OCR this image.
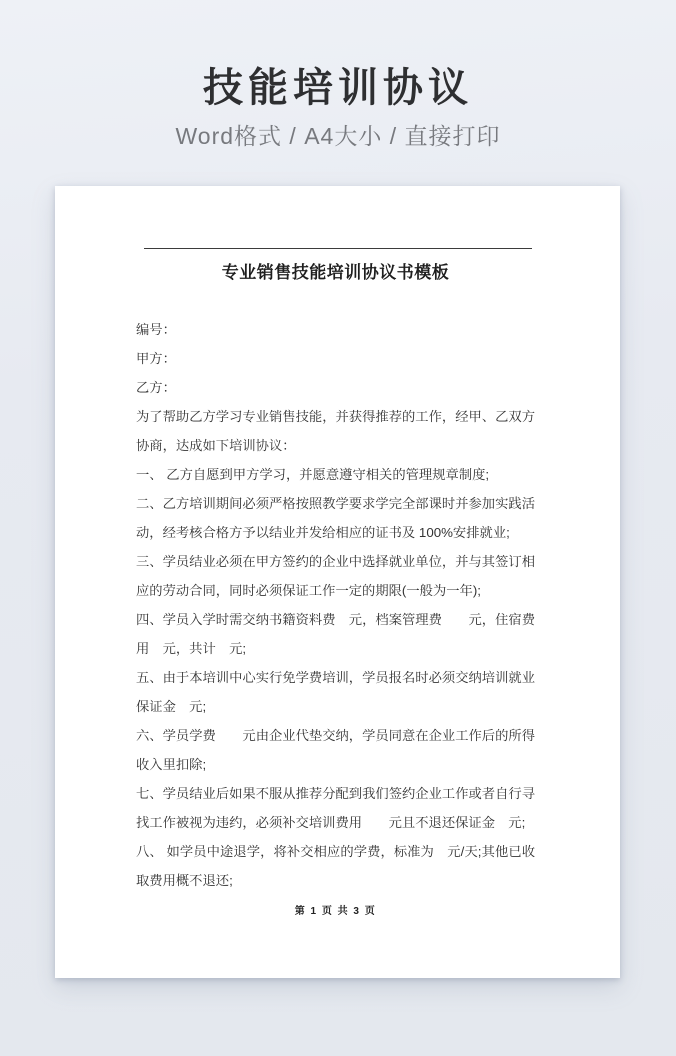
技能培训协议

Word格式 / A4大小 / 直接打印

专业销售技能培训协议书模板

编号：

甲方：

乙方：

为了帮助乙方学习专业销售技能，并获得推荐的工作，经甲、乙双方协商，达成如下培训协议：

一、 乙方自愿到甲方学习，并愿意遵守相关的管理规章制度;

二、乙方培训期间必须严格按照教学要求学完全部课时并参加实践活动，经考核合格方予以结业并发给相应的证书及 100%安排就业;

三、学员结业必须在甲方签约的企业中选择就业单位，并与其签订相应的劳动合同，同时必须保证工作一定的期限(一般为一年);

四、学员入学时需交纳书籍资料费　元，档案管理费　　元，住宿费用　元，共计　元;

五、由于本培训中心实行免学费培训，学员报名时必须交纳培训就业保证金　元;

六、学员学费　　元由企业代垫交纳，学员同意在企业工作后的所得收入里扣除;

七、学员结业后如果不服从推荐分配到我们签约企业工作或者自行寻找工作被视为违约，必须补交培训费用　　元且不退还保证金　元;

八、 如学员中途退学，将补交相应的学费，标准为　元/天;其他已收取费用概不退还;

第 1 页 共 3 页
